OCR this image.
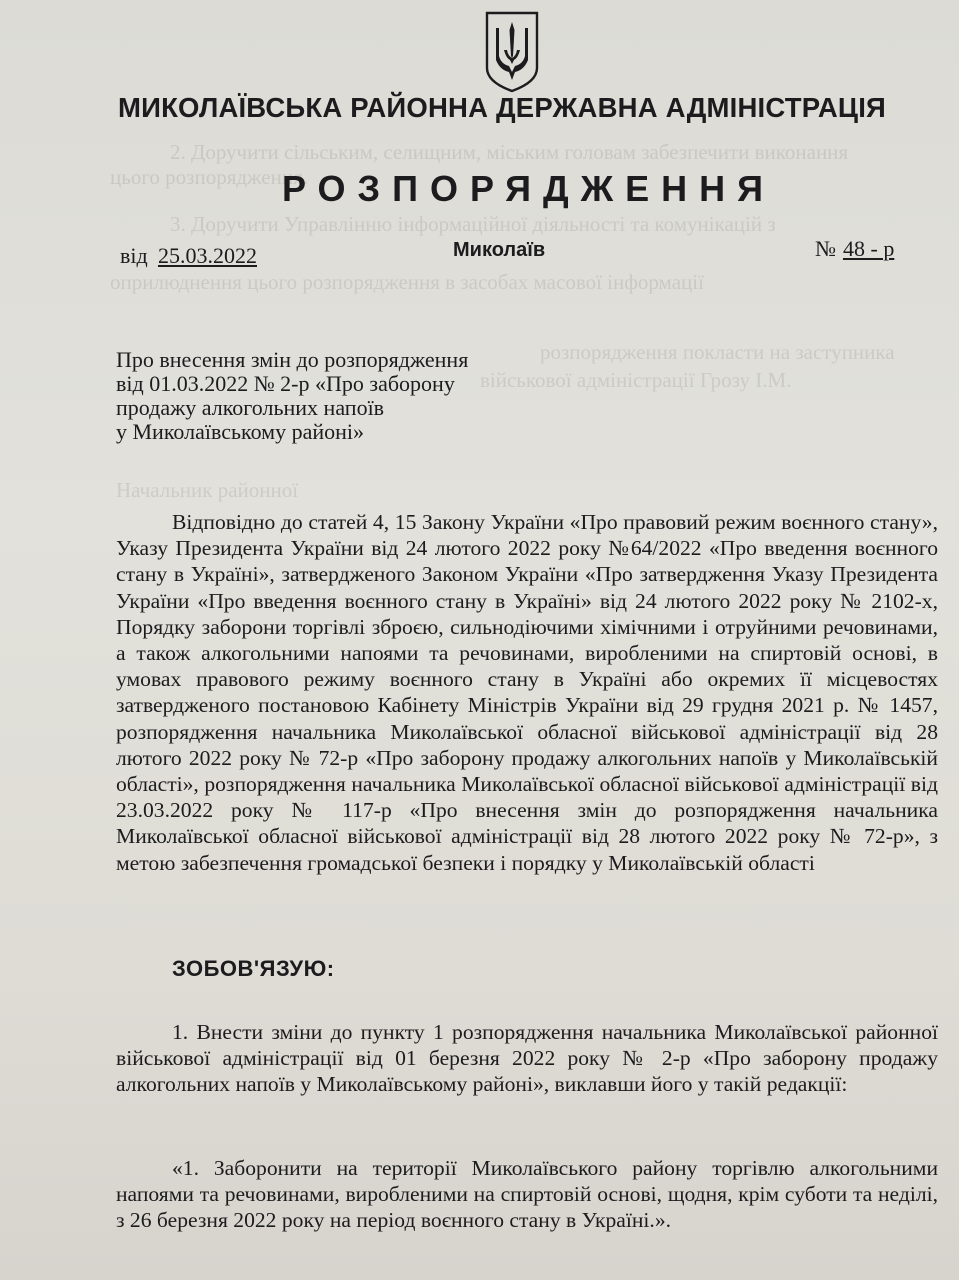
2. Доручити сільським, селищним, міським головам забезпечити виконання
цього розпорядження.
3. Доручити Управлінню інформаційної діяльності та комунікацій з
оприлюднення цього розпорядження в засобах масової інформації
розпорядження покласти на заступника
військової адміністрації Грозу І.М.
Начальник районної
МИКОЛАЇВСЬКА РАЙОННА ДЕРЖАВНА АДМІНІСТРАЦІЯ
РОЗПОРЯДЖЕННЯ
від 25.03.2022	Миколаїв	№ 48 - р
Про внесення змін до розпорядження
від 01.03.2022 № 2-р «Про заборону
продажу алкогольних напоїв
у Миколаївському районі»

Відповідно до статей 4, 15 Закону України «Про правовий режим воєнного стану», Указу Президента України від 24 лютого 2022 року №64/2022 «Про введення воєнного стану в Україні», затвердженого Законом України «Про затвердження Указу Президента України «Про введення воєнного стану в Україні» від 24 лютого 2022 року № 2102-х, Порядку заборони торгівлі зброєю, сильнодіючими хімічними і отруйними речовинами, а також алкогольними напоями та речовинами, виробленими на спиртовій основі, в умовах правового режиму воєнного стану в Україні або окремих її місцевостях затвердженого постановою Кабінету Міністрів України від 29 грудня 2021 р. № 1457, розпорядження начальника Миколаївської обласної військової адміністрації від 28 лютого 2022 року № 72-р «Про заборону продажу алкогольних напоїв у Миколаївській області», розпорядження начальника Миколаївської обласної військової адміністрації від 23.03.2022 року № 117-р «Про внесення змін до розпорядження начальника Миколаївської обласної військової адміністрації від 28 лютого 2022 року № 72-р», з метою забезпечення громадської безпеки і порядку у Миколаївській області

ЗОБОВ'ЯЗУЮ:

1. Внести зміни до пункту 1 розпорядження начальника Миколаївської районної військової адміністрації від 01 березня 2022 року № 2-р «Про заборону продажу алкогольних напоїв у Миколаївському районі», виклавши його у такій редакції:

«1. Заборонити на території Миколаївського району торгівлю алкогольними напоями та речовинами, виробленими на спиртовій основі, щодня, крім суботи та неділі, з 26 березня 2022 року на період воєнного стану в Україні.».
